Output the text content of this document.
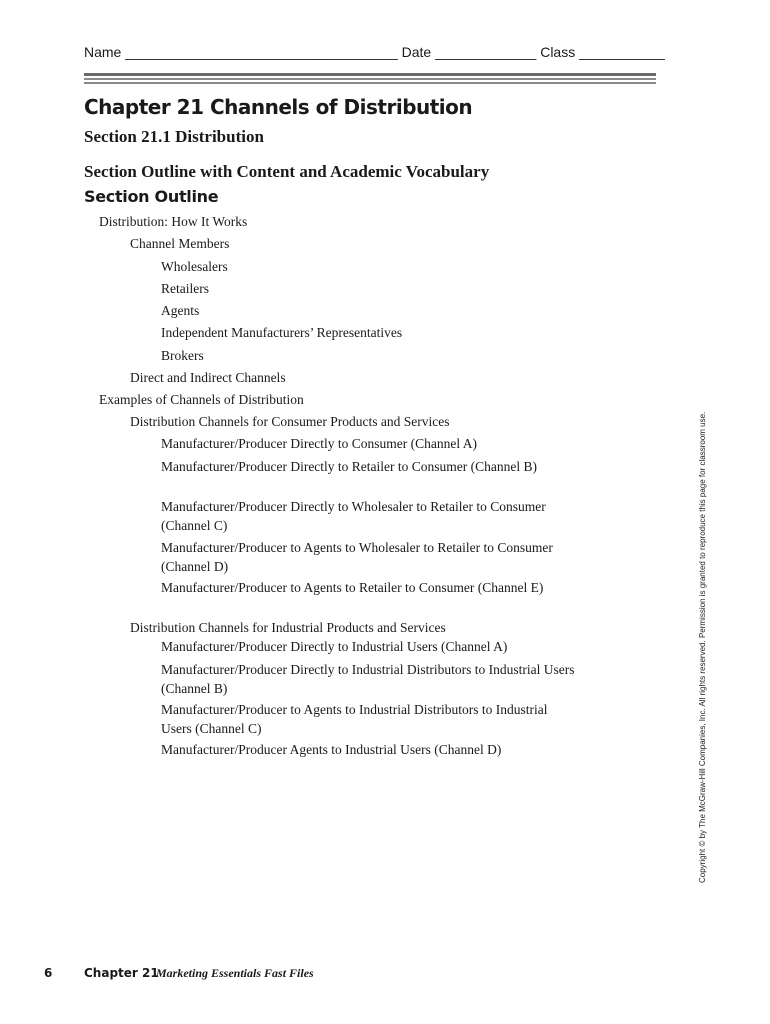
Name ___________________________________ Date _____________ Class ___________
Chapter 21 Channels of Distribution
Section 21.1 Distribution
Section Outline with Content and Academic Vocabulary
Section Outline
Distribution: How It Works
Channel Members
Wholesalers
Retailers
Agents
Independent Manufacturers’ Representatives
Brokers
Direct and Indirect Channels
Examples of Channels of Distribution
Distribution Channels for Consumer Products and Services
Manufacturer/Producer Directly to Consumer (Channel A)
Manufacturer/Producer Directly to Retailer to Consumer (Channel B)
Manufacturer/Producer Directly to Wholesaler to Retailer to Consumer (Channel C)
Manufacturer/Producer to Agents to Wholesaler to Retailer to Consumer (Channel D)
Manufacturer/Producer to Agents to Retailer to Consumer (Channel E)
Distribution Channels for Industrial Products and Services
Manufacturer/Producer Directly to Industrial Users (Channel A)
Manufacturer/Producer Directly to Industrial Distributors to Industrial Users (Channel B)
Manufacturer/Producer to Agents to Industrial Distributors to Industrial Users (Channel C)
Manufacturer/Producer Agents to Industrial Users (Channel D)	Copyright © by The McGraw-Hill Companies, Inc. All rights reserved. Permission is granted to reproduce this page for classroom use.
6	Chapter 21
Marketing Essentials Fast Files
